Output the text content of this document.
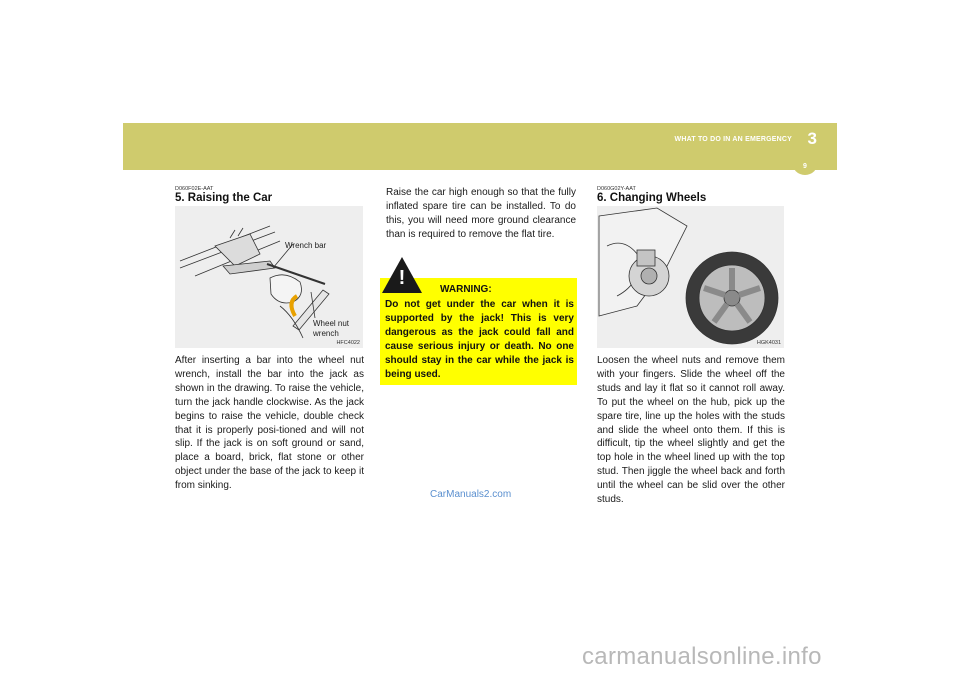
WHAT TO DO IN AN EMERGENCY 3
9
D060F02E-AAT
5. Raising the Car
Wrench bar
Wheel nut
wrench
HFC4022

After inserting a bar into the wheel nut wrench, install the bar into the jack as shown in the drawing. To raise the vehicle, turn the jack handle clockwise. As the jack begins to raise the vehicle, double check that it is properly posi-tioned and will not slip. If the jack is on soft ground or sand, place a board, brick, flat stone or other object under the base of the jack to keep it from sinking.

Raise the car high enough so that the fully inflated spare tire can be installed. To do this, you will need more ground clearance than is required to remove the flat tire.

WARNING:

Do not get under the car when it is supported by the jack! This is very dangerous as the jack could fall and cause serious injury or death. No one should stay in the car while the jack is being used.

!
CarManuals2.com
D060G02Y-AAT
6. Changing Wheels
HGK4031

Loosen the wheel nuts and remove them with your fingers. Slide the wheel off the studs and lay it flat so it cannot roll away. To put the wheel on the hub, pick up the spare tire, line up the holes with the studs and slide the wheel onto them. If this is difficult, tip the wheel slightly and get the top hole in the wheel lined up with the top stud. Then jiggle the wheel back and forth until the wheel can be slid over the other studs.

carmanualsonline.info
